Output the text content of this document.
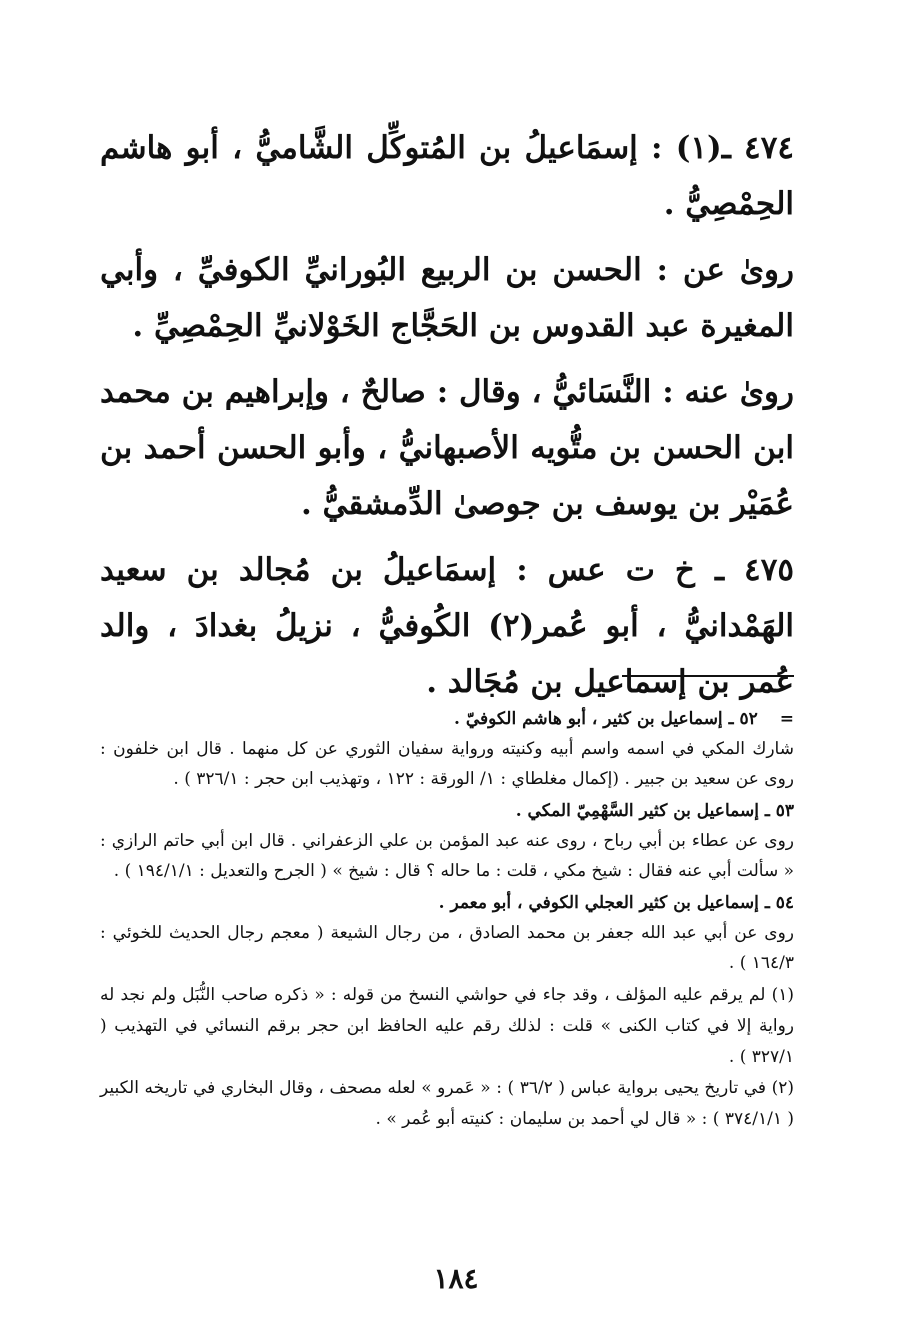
٤٧٤ ـ(١) : إسمَاعيلُ بن المُتوكِّل الشَّاميُّ ، أبو هاشم الحِمْصِيُّ .

رویٰ عن : الحسن بن الربیع البُورانيِّ الكوفيِّ ، وأبي المغیرة عبد القدوس بن الحَجَّاج الخَوْلانيِّ الحِمْصِيِّ .

رویٰ عنه : النَّسَائيُّ ، وقال : صالحٌ ، وإبراهیم بن محمد ابن الحسن بن متُّویه الأصبهانيُّ ، وأبو الحسن أحمد بن عُمَیْر بن یوسف بن جوصیٰ الدِّمشقيُّ .

٤٧٥ ـ خ ت عس : إسمَاعیلُ بن مُجالد بن سعید الهَمْدانيُّ ، أبو عُمر(٢) الكُوفيُّ ، نزیلُ بغدادَ ، والد عُمر بن إسماعیل بن مُجَالد .

=٥٢ ـ إسماعیل بن كثیر ، أبو هاشم الكوفيّ .
شارك المكي في اسمه واسم أبیه وكنیته وروایة سفیان الثوري عن كل منهما . قال ابن خلفون : روى عن سعید بن جبیر . (إكمال مغلطاي : ١/ الورقة : ١٢٢ ، وتهذیب ابن حجر : ٣٢٦/١ ) .

٥٣ ـ إسماعیل بن كثیر السَّهْمِيّ المكي .
روى عن عطاء بن أبي رباح ، روى عنه عبد المؤمن بن علي الزعفراني . قال ابن أبي حاتم الرازي : « سألت أبي عنه فقال : شیخ مكي ، قلت : ما حاله ؟ قال : شیخ » ( الجرح والتعدیل : ١٩٤/١/١ ) .

٥٤ ـ إسماعیل بن كثیر العجلي الكوفي ، أبو معمر .
روى عن أبي عبد الله جعفر بن محمد الصادق ، من رجال الشیعة ( معجم رجال الحدیث للخوئي : ١٦٤/٣ ) .

(١) لم یرقم علیه المؤلف ، وقد جاء في حواشي النسخ من قوله : « ذكره صاحب النُّبَل ولم نجد له روایة إلا في كتاب الكنى » قلت : لذلك رقم علیه الحافظ ابن حجر برقم النسائي في التهذیب ( ٣٢٧/١ ) .

(٢) في تاریخ یحیى بروایة عباس ( ٣٦/٢ ) : « عَمرو » لعله مصحف ، وقال البخاري في تاریخه الكبیر ( ٣٧٤/١/١ ) : « قال لي أحمد بن سلیمان : كنیته أبو عُمر » .

١٨٤
